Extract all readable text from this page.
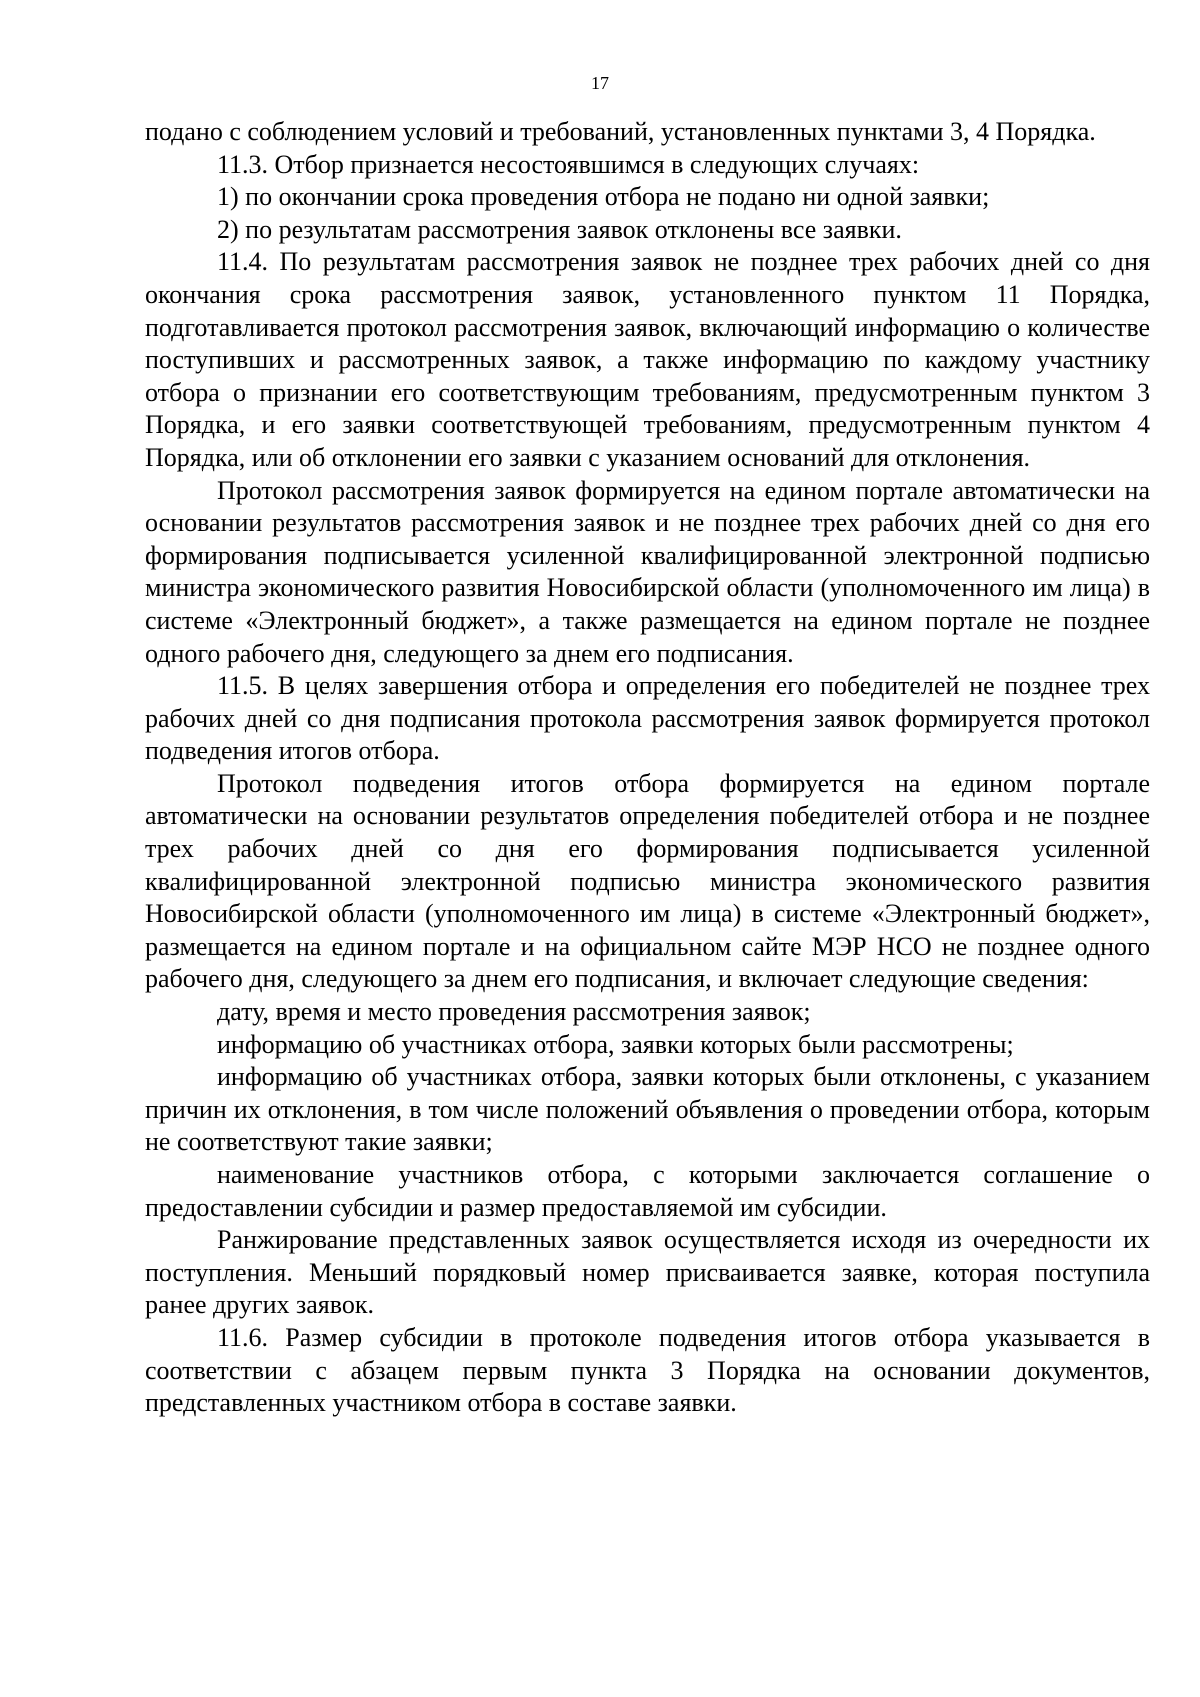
17

подано с соблюдением условий и требований, установленных пунктами 3, 4 Порядка.

11.3. Отбор признается несостоявшимся в следующих случаях:

1) по окончании срока проведения отбора не подано ни одной заявки;

2) по результатам рассмотрения заявок отклонены все заявки.

11.4. По результатам рассмотрения заявок не позднее трех рабочих дней со дня окончания срока рассмотрения заявок, установленного пунктом 11 Порядка, подготавливается протокол рассмотрения заявок, включающий информацию о количестве поступивших и рассмотренных заявок, а также информацию по каждому участнику отбора о признании его соответствующим требованиям, предусмотренным пунктом 3 Порядка, и его заявки соответствующей требованиям, предусмотренным пунктом 4 Порядка, или об отклонении его заявки с указанием оснований для отклонения.

Протокол рассмотрения заявок формируется на едином портале автоматически на основании результатов рассмотрения заявок и не позднее трех рабочих дней со дня его формирования подписывается усиленной квалифицированной электронной подписью министра экономического развития Новосибирской области (уполномоченного им лица) в системе «Электронный бюджет», а также размещается на едином портале не позднее одного рабочего дня, следующего за днем его подписания.

11.5. В целях завершения отбора и определения его победителей не позднее трех рабочих дней со дня подписания протокола рассмотрения заявок формируется протокол подведения итогов отбора.

Протокол подведения итогов отбора формируется на едином портале автоматически на основании результатов определения победителей отбора и не позднее трех рабочих дней со дня его формирования подписывается усиленной квалифицированной электронной подписью министра экономического развития Новосибирской области (уполномоченного им лица) в системе «Электронный бюджет», размещается на едином портале и на официальном сайте МЭР НСО не позднее одного рабочего дня, следующего за днем его подписания, и включает следующие сведения:

дату, время и место проведения рассмотрения заявок;

информацию об участниках отбора, заявки которых были рассмотрены;

информацию об участниках отбора, заявки которых были отклонены, с указанием причин их отклонения, в том числе положений объявления о проведении отбора, которым не соответствуют такие заявки;

наименование участников отбора, с которыми заключается соглашение о предоставлении субсидии и размер предоставляемой им субсидии.

Ранжирование представленных заявок осуществляется исходя из очередности их поступления. Меньший порядковый номер присваивается заявке, которая поступила ранее других заявок.

11.6. Размер субсидии в протоколе подведения итогов отбора указывается в соответствии с абзацем первым пункта 3 Порядка на основании документов, представленных участником отбора в составе заявки.
